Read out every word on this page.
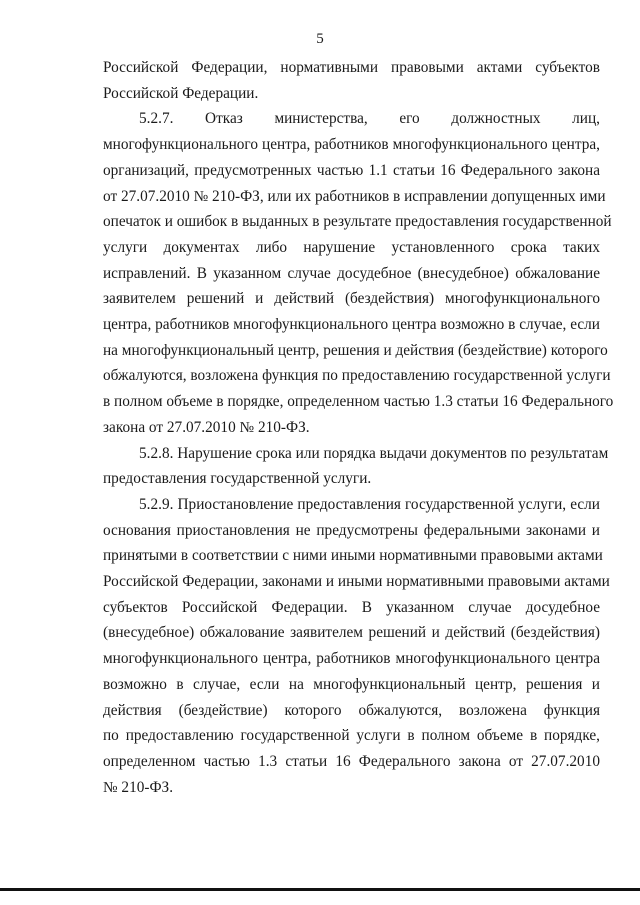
5
Российской Федерации, нормативными правовыми актами субъектов
Российской Федерации.
5.2.7. Отказ министерства, его должностных лиц,
многофункционального центра, работников многофункционального центра,
организаций, предусмотренных частью 1.1 статьи 16 Федерального закона
от 27.07.2010 № 210-ФЗ, или их работников в исправлении допущенных ими
опечаток и ошибок в выданных в результате предоставления государственной
услуги документах либо нарушение установленного срока таких
исправлений. В указанном случае досудебное (внесудебное) обжалование
заявителем решений и действий (бездействия) многофункционального
центра, работников многофункционального центра возможно в случае, если
на многофункциональный центр, решения и действия (бездействие) которого
обжалуются, возложена функция по предоставлению государственной услуги
в полном объеме в порядке, определенном частью 1.3 статьи 16 Федерального
закона от 27.07.2010 № 210-ФЗ.
5.2.8. Нарушение срока или порядка выдачи документов по результатам
предоставления государственной услуги.
5.2.9. Приостановление предоставления государственной услуги, если
основания приостановления не предусмотрены федеральными законами и
принятыми в соответствии с ними иными нормативными правовыми актами
Российской Федерации, законами и иными нормативными правовыми актами
субъектов Российской Федерации. В указанном случае досудебное
(внесудебное) обжалование заявителем решений и действий (бездействия)
многофункционального центра, работников многофункционального центра
возможно в случае, если на многофункциональный центр, решения и
действия (бездействие) которого обжалуются, возложена функция
по предоставлению государственной услуги в полном объеме в порядке,
определенном частью 1.3 статьи 16 Федерального закона от 27.07.2010
№ 210-ФЗ.
